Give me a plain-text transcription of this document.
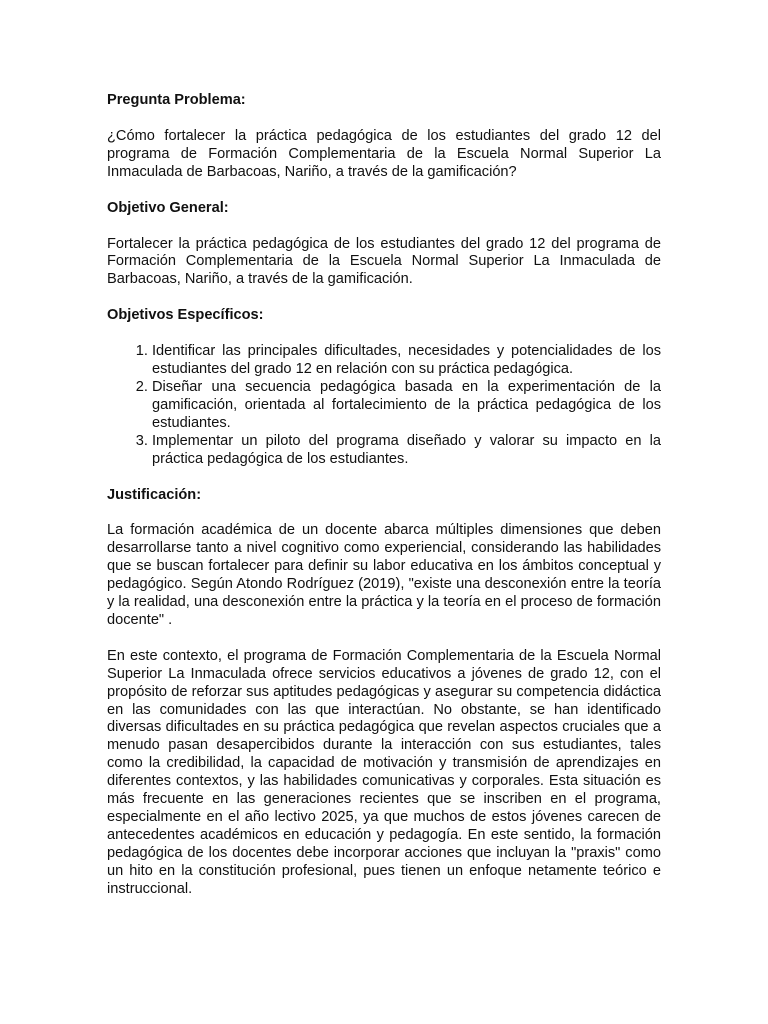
Pregunta Problema:

¿Cómo fortalecer la práctica pedagógica de los estudiantes del grado 12 del programa de Formación Complementaria de la Escuela Normal Superior La Inmaculada de Barbacoas, Nariño, a través de la gamificación?

Objetivo General:

Fortalecer la práctica pedagógica de los estudiantes del grado 12 del programa de Formación Complementaria de la Escuela Normal Superior La Inmaculada de Barbacoas, Nariño, a través de la gamificación.

Objetivos Específicos:

1. Identificar las principales dificultades, necesidades y potencialidades de los estudiantes del grado 12 en relación con su práctica pedagógica.
2. Diseñar una secuencia pedagógica basada en la experimentación de la gamificación, orientada al fortalecimiento de la práctica pedagógica de los estudiantes.
3. Implementar un piloto del programa diseñado y valorar su impacto en la práctica pedagógica de los estudiantes.

Justificación:

La formación académica de un docente abarca múltiples dimensiones que deben desarrollarse tanto a nivel cognitivo como experiencial, considerando las habilidades que se buscan fortalecer para definir su labor educativa en los ámbitos conceptual y pedagógico. Según Atondo Rodríguez (2019), "existe una desconexión entre la teoría y la realidad, una desconexión entre la práctica y la teoría en el proceso de formación docente" .

En este contexto, el programa de Formación Complementaria de la Escuela Normal Superior La Inmaculada ofrece servicios educativos a jóvenes de grado 12, con el propósito de reforzar sus aptitudes pedagógicas y asegurar su competencia didáctica en las comunidades con las que interactúan. No obstante, se han identificado diversas dificultades en su práctica pedagógica que revelan aspectos cruciales que a menudo pasan desapercibidos durante la interacción con sus estudiantes, tales como la credibilidad, la capacidad de motivación y transmisión de aprendizajes en diferentes contextos, y las habilidades comunicativas y corporales. Esta situación es más frecuente en las generaciones recientes que se inscriben en el programa, especialmente en el año lectivo 2025, ya que muchos de estos jóvenes carecen de antecedentes académicos en educación y pedagogía. En este sentido, la formación pedagógica de los docentes debe incorporar acciones que incluyan la "praxis" como un hito en la constitución profesional, pues tienen un enfoque netamente teórico e instruccional.
